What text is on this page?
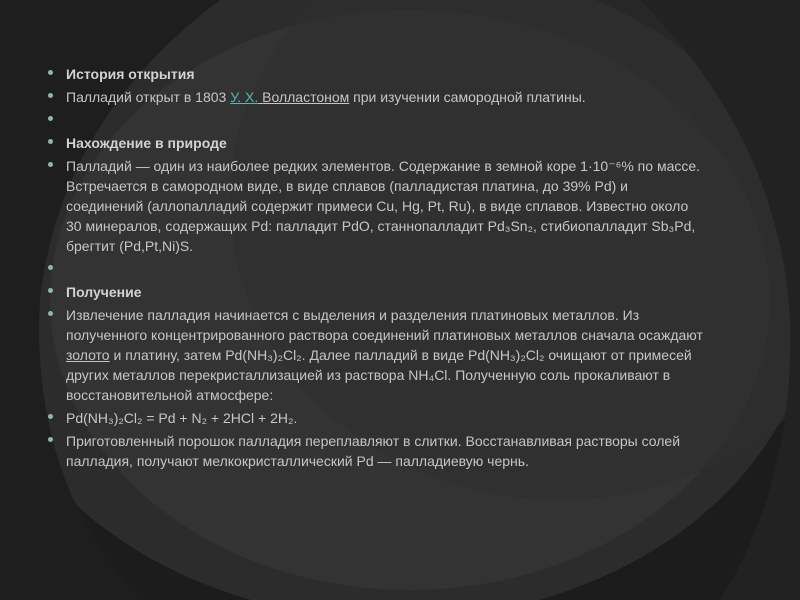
История открытия
Палладий открыт в 1803 У. Х. Волластоном при изучении самородной платины.
Нахождение в природе
Палладий — один из наиболее редких элементов. Содержание в земной коре 1·10⁻⁶% по массе. Встречается в самородном виде, в виде сплавов (палладистая платина, до 39% Pd) и соединений (аллопалладий содержит примеси Cu, Hg, Pt, Ru), в виде сплавов. Известно около 30 минералов, содержащих Pd: палладит PdO, станнопалладит Pd₃Sn₂, стибиопалладит Sb₃Pd, брегтит (Pd,Pt,Ni)S.
Получение
Извлечение палладия начинается с выделения и разделения платиновых металлов. Из полученного концентрированного раствора соединений платиновых металлов сначала осаждают золото и платину, затем Pd(NH₃)₂Cl₂. Далее палладий в виде Pd(NH₃)₂Cl₂ очищают от примесей других металлов перекристаллизацией из раствора NH₄Cl. Полученную соль прокаливают в восстановительной атмосфере:
Pd(NH₃)₂Cl₂ = Pd + N₂ + 2HCl + 2H₂.
Приготовленный порошок палладия переплавляют в слитки. Восстанавливая растворы солей палладия, получают мелкокристаллический Pd — палладиевую чернь.
